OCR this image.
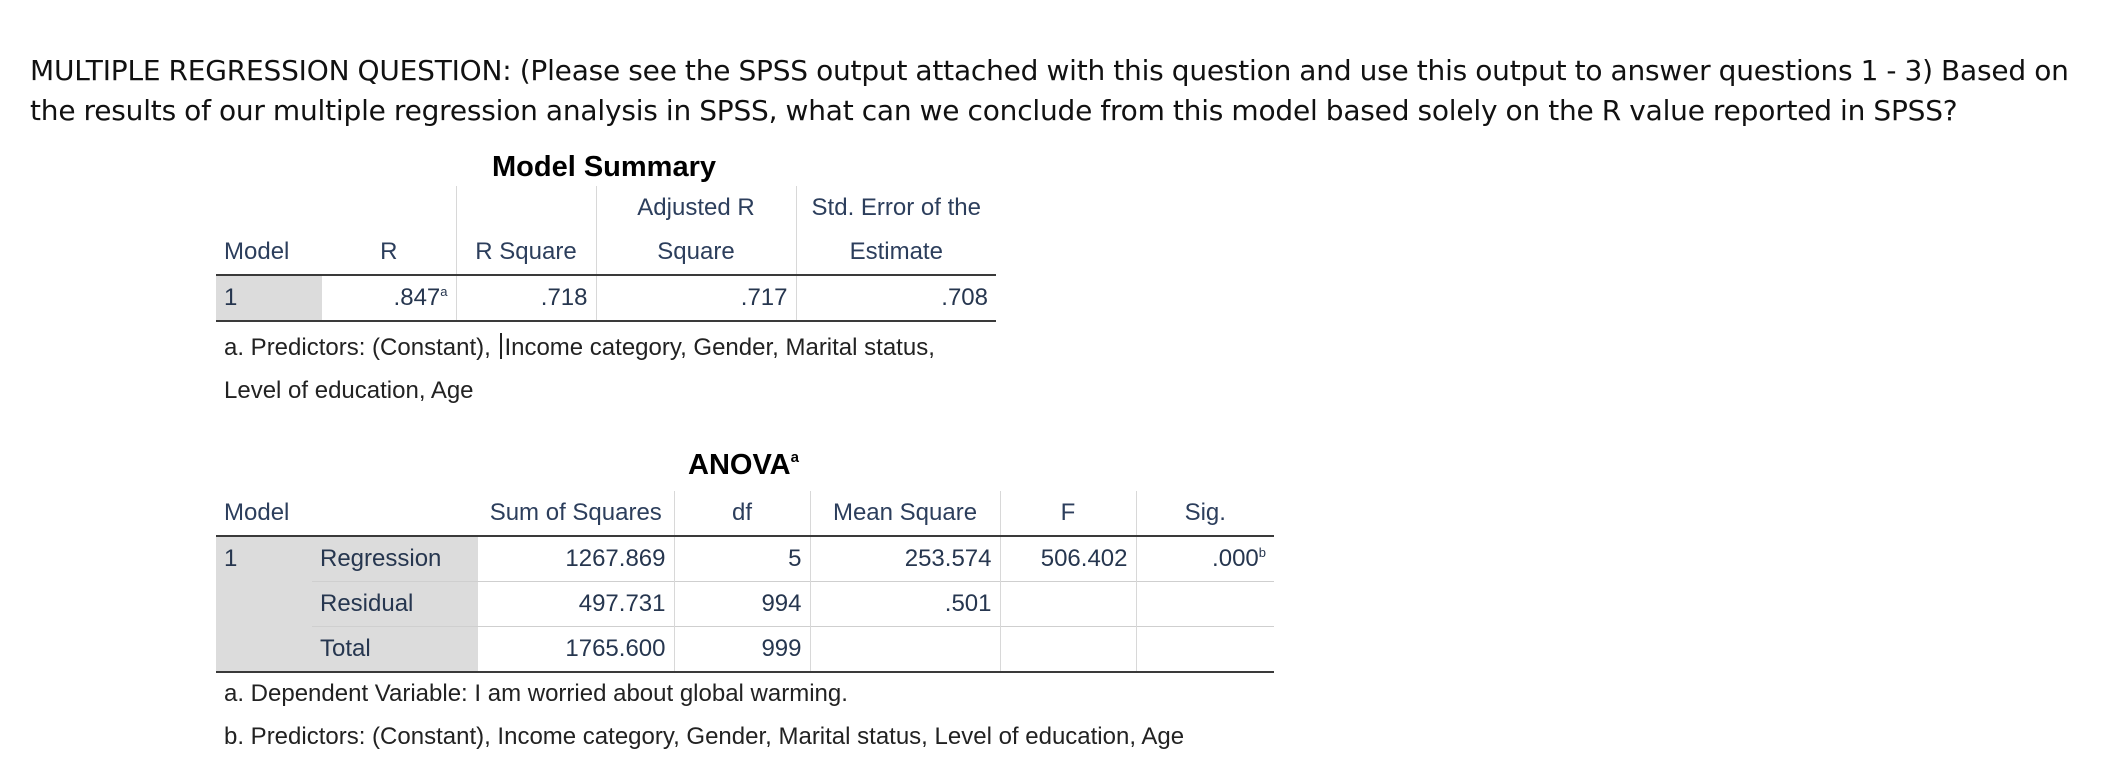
MULTIPLE REGRESSION QUESTION: (Please see the SPSS output attached with this question and use this output to answer questions 1 - 3) Based on the results of our multiple regression analysis in SPSS, what can we conclude from this model based solely on the R value reported in SPSS?
Model Summary
			Adjusted R	Std. Error of the
Model	R	R Square	Square	Estimate
1	.847$^a$	.718	.717	.708
a. Predictors: (Constant), Income category, Gender, Marital status,
Level of education, Age
ANOVA$^a$
Model		Sum of Squares	df	Mean Square	F	Sig.
1	Regression	1267.869	5	253.574	506.402	.000$^b$
	Residual	497.731	994	.501		
	Total	1765.600	999			
a. Dependent Variable: I am worried about global warming.
b. Predictors: (Constant), Income category, Gender, Marital status, Level of education, Age
